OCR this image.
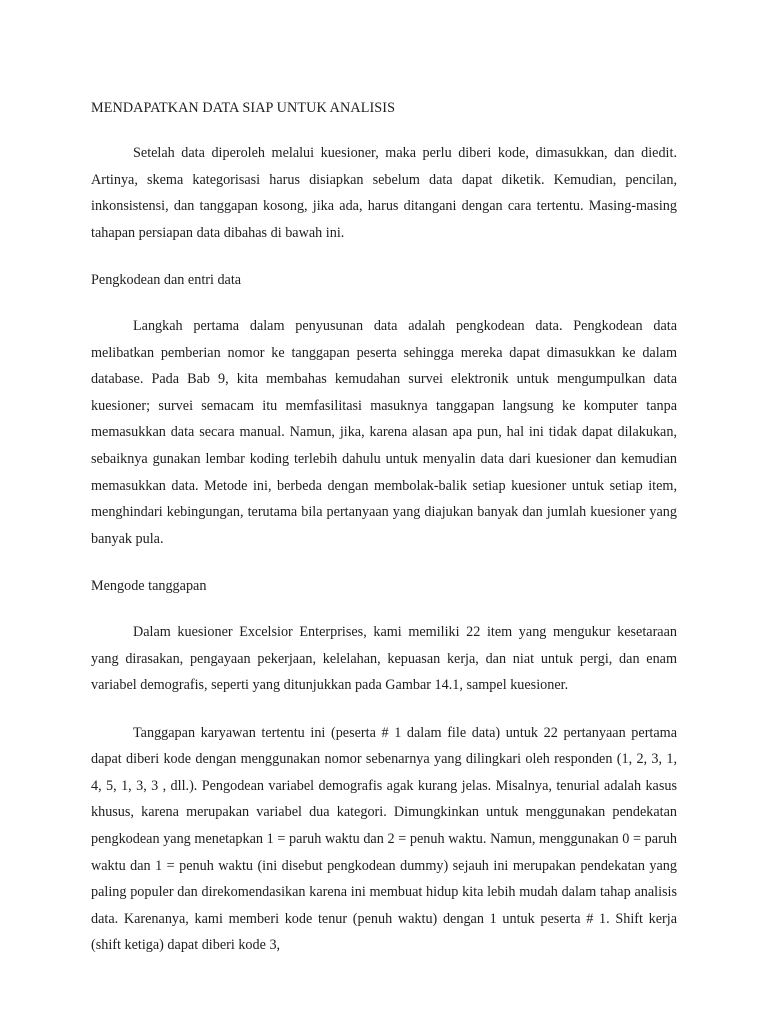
MENDAPATKAN DATA SIAP UNTUK ANALISIS

Setelah data diperoleh melalui kuesioner, maka perlu diberi kode, dimasukkan, dan diedit. Artinya, skema kategorisasi harus disiapkan sebelum data dapat diketik. Kemudian, pencilan, inkonsistensi, dan tanggapan kosong, jika ada, harus ditangani dengan cara tertentu. Masing-masing tahapan persiapan data dibahas di bawah ini.

Pengkodean dan entri data

Langkah pertama dalam penyusunan data adalah pengkodean data. Pengkodean data melibatkan pemberian nomor ke tanggapan peserta sehingga mereka dapat dimasukkan ke dalam database. Pada Bab 9, kita membahas kemudahan survei elektronik untuk mengumpulkan data kuesioner; survei semacam itu memfasilitasi masuknya tanggapan langsung ke komputer tanpa memasukkan data secara manual. Namun, jika, karena alasan apa pun, hal ini tidak dapat dilakukan, sebaiknya gunakan lembar koding terlebih dahulu untuk menyalin data dari kuesioner dan kemudian memasukkan data. Metode ini, berbeda dengan membolak-balik setiap kuesioner untuk setiap item, menghindari kebingungan, terutama bila pertanyaan yang diajukan banyak dan jumlah kuesioner yang banyak pula.

Mengode tanggapan

Dalam kuesioner Excelsior Enterprises, kami memiliki 22 item yang mengukur kesetaraan yang dirasakan, pengayaan pekerjaan, kelelahan, kepuasan kerja, dan niat untuk pergi, dan enam variabel demografis, seperti yang ditunjukkan pada Gambar 14.1, sampel kuesioner.

Tanggapan karyawan tertentu ini (peserta # 1 dalam file data) untuk 22 pertanyaan pertama dapat diberi kode dengan menggunakan nomor sebenarnya yang dilingkari oleh responden (1, 2, 3, 1, 4, 5, 1, 3, 3 , dll.). Pengodean variabel demografis agak kurang jelas. Misalnya, tenurial adalah kasus khusus, karena merupakan variabel dua kategori. Dimungkinkan untuk menggunakan pendekatan pengkodean yang menetapkan 1 = paruh waktu dan 2 = penuh waktu. Namun, menggunakan 0 = paruh waktu dan 1 = penuh waktu (ini disebut pengkodean dummy) sejauh ini merupakan pendekatan yang paling populer dan direkomendasikan karena ini membuat hidup kita lebih mudah dalam tahap analisis data. Karenanya, kami memberi kode tenur (penuh waktu) dengan 1 untuk peserta # 1. Shift kerja (shift ketiga) dapat diberi kode 3,
